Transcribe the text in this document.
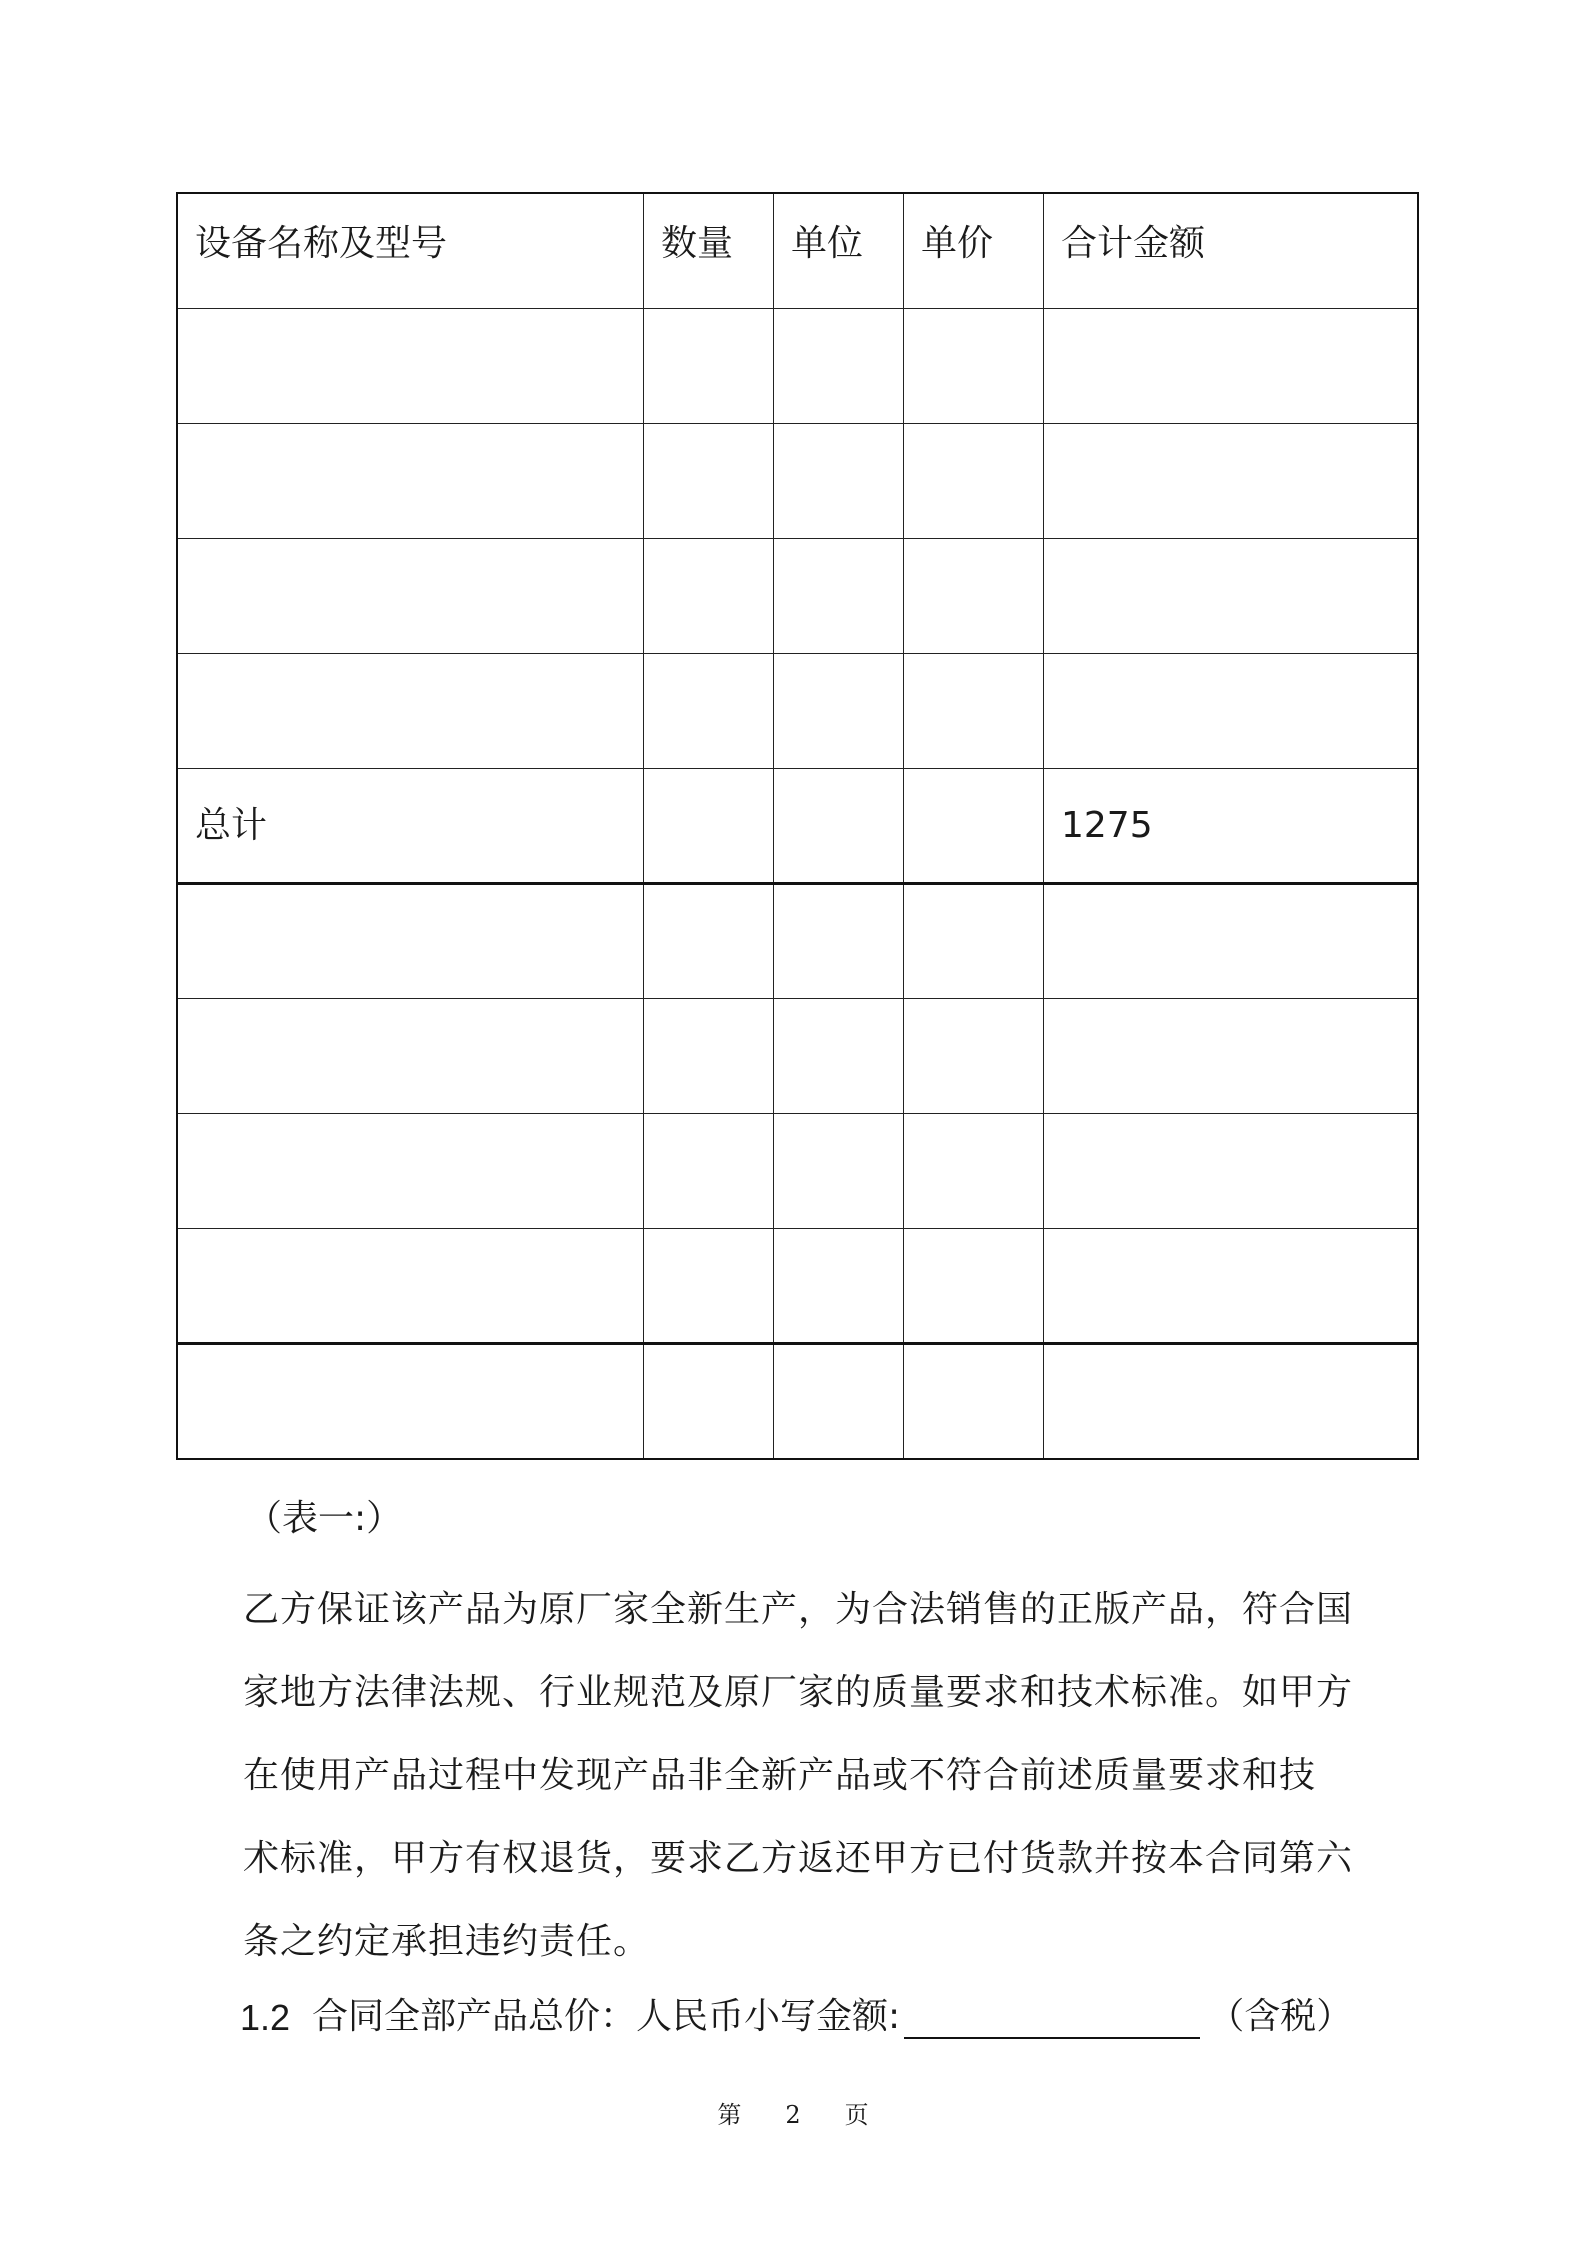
设备名称及型号	数量	单位	单价	合计金额

总计				1275

（表一:）
乙方保证该产品为原厂家全新生产，为合法销售的正版产品，符合国
家地方法律法规、行业规范及原厂家的质量要求和技术标准。如甲方
在使用产品过程中发现产品非全新产品或不符合前述质量要求和技
术标准，甲方有权退货，要求乙方返还甲方已付货款并按本合同第六
条之约定承担违约责任。
1.2 合同全部产品总价：人民币小写金额:	（含税）
第 2 页
